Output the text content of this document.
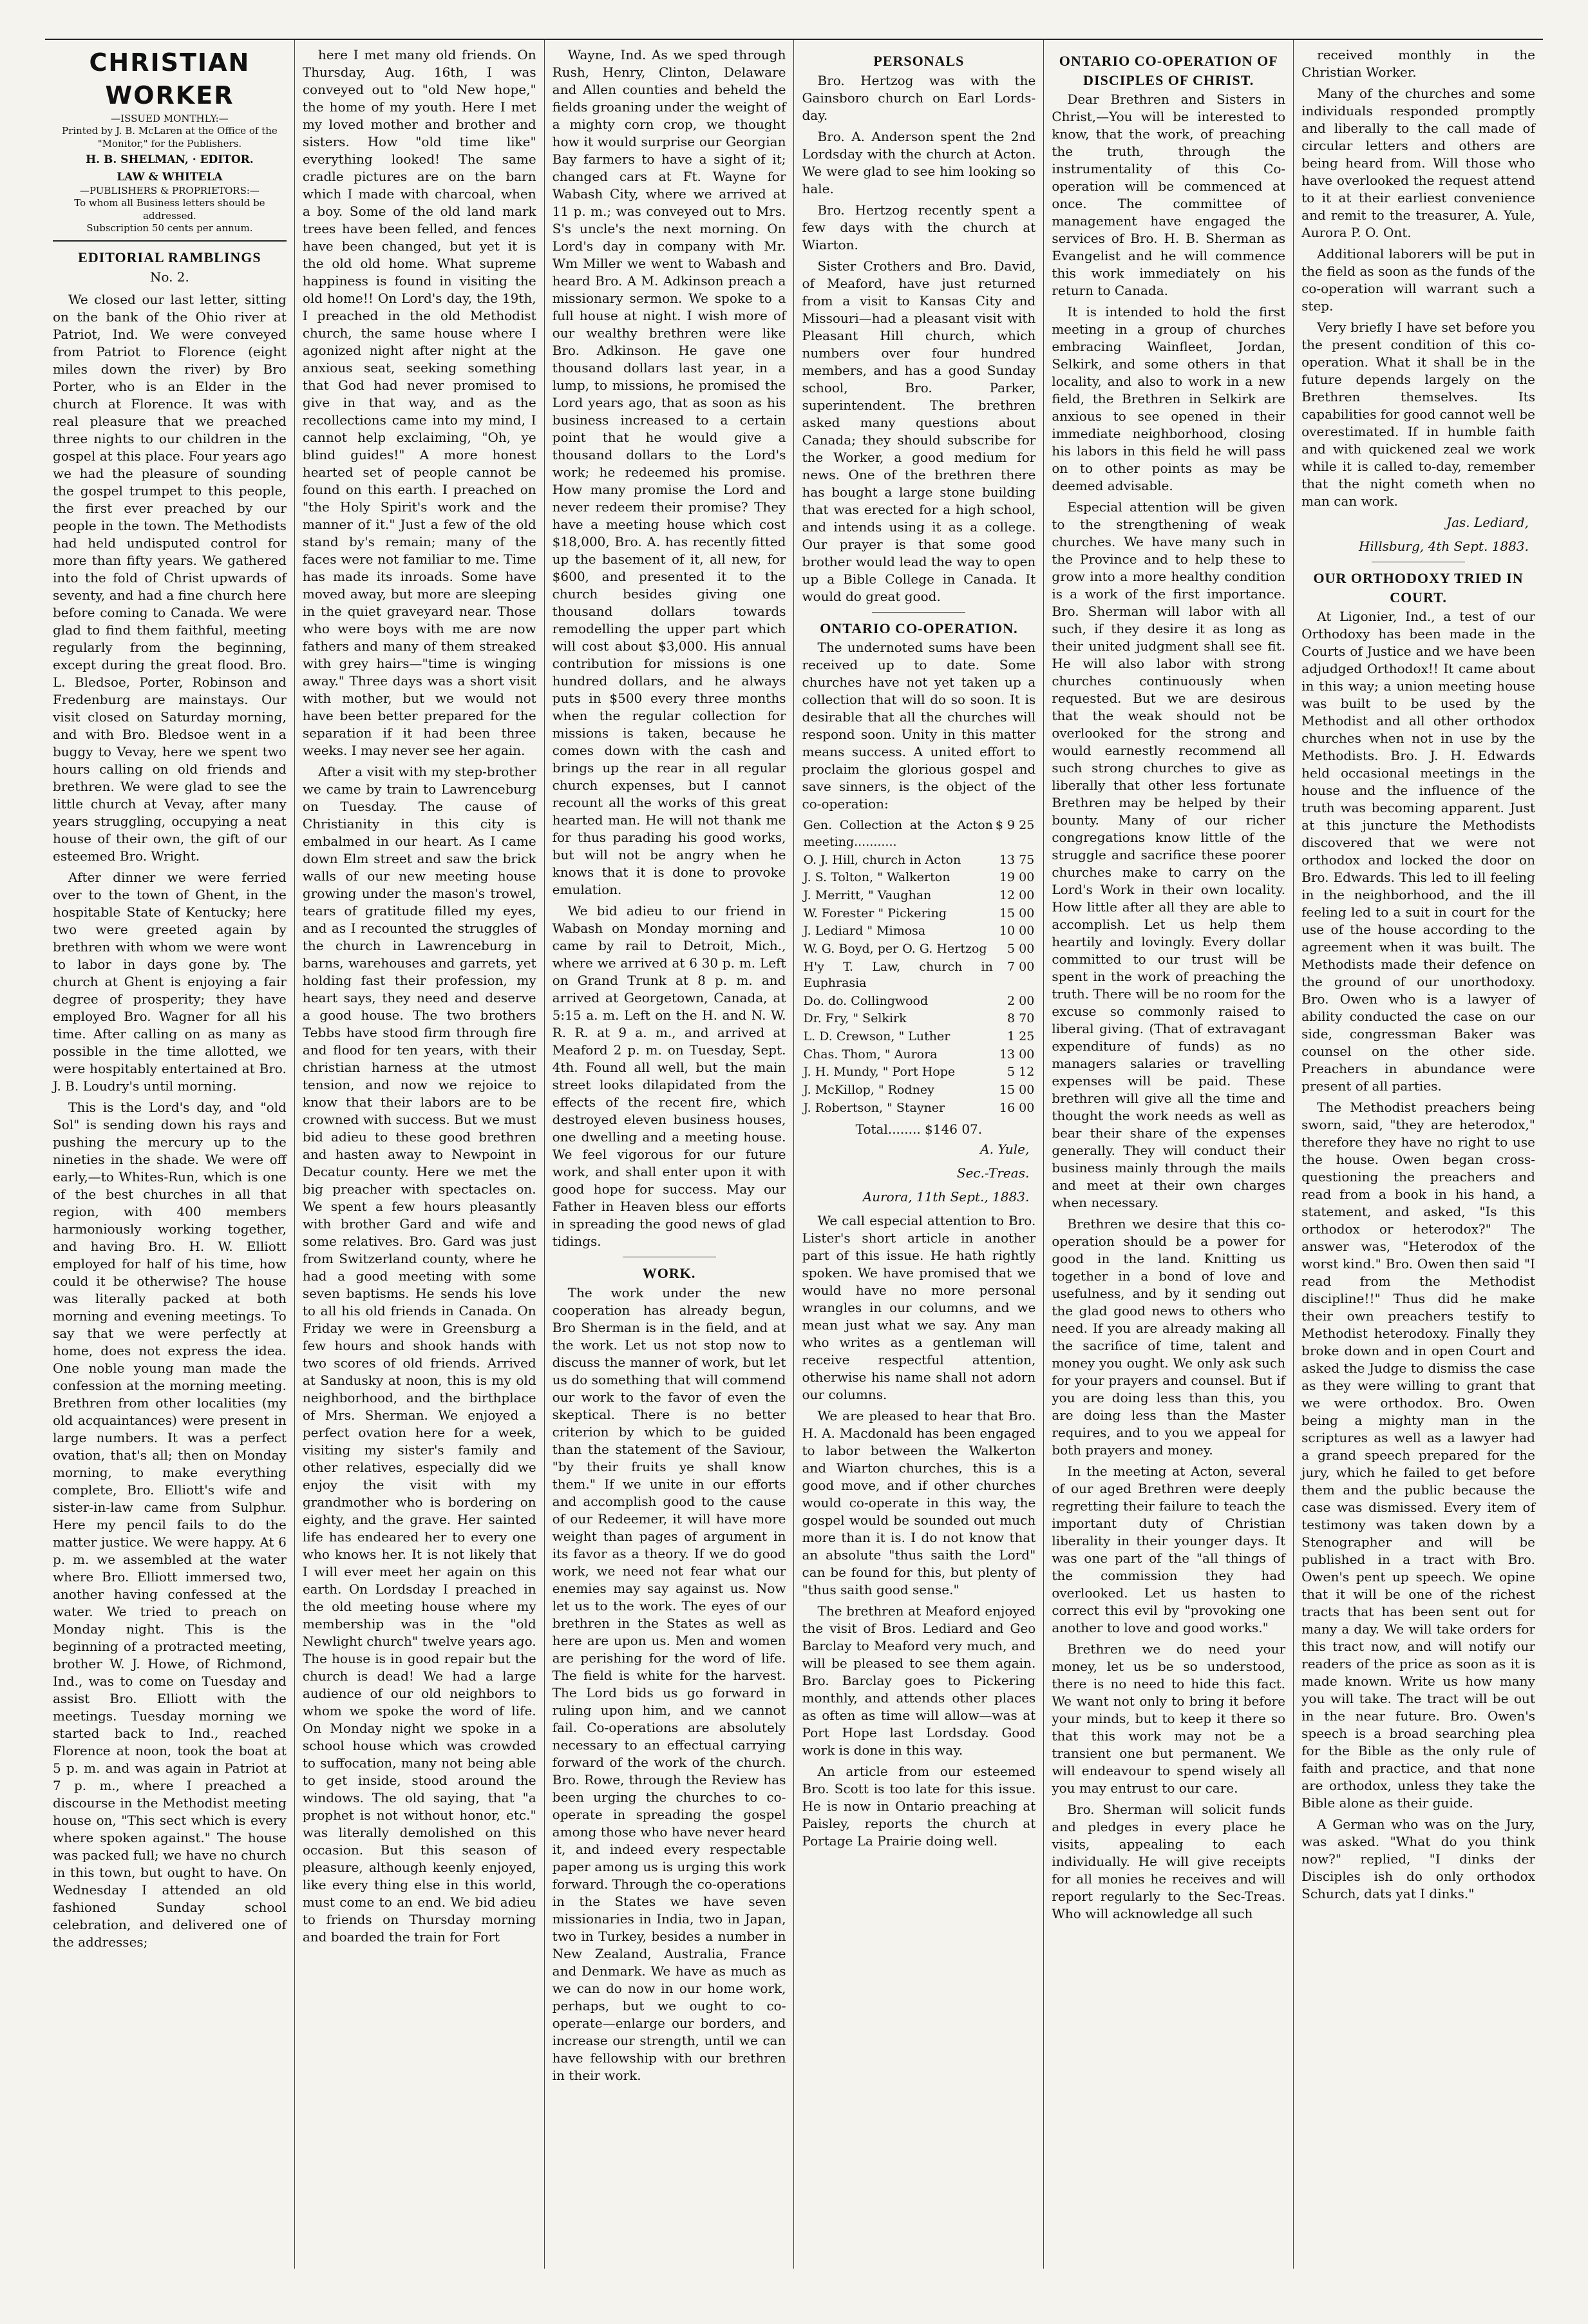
CHRISTIAN WORKER
—ISSUED MONTHLY:—
Printed by J. B. McLaren at the Office of the "Monitor," for the Publishers.
H. B. SHELMAN, · EDITOR.
LAW & WHITELA
—PUBLISHERS & PROPRIETORS:—
To whom all Business letters should be addressed.
Subscription 50 cents per annum.
EDITORIAL RAMBLINGS
No. 2.

We closed our last letter, sitting on the bank of the Ohio river at Patriot, Ind. We were conveyed from Patriot to Florence (eight miles down the river) by Bro Porter, who is an Elder in the church at Florence. It was with real pleasure that we preached three nights to our children in the gospel at this place. Four years ago we had the pleasure of sounding the gospel trumpet to this people, the first ever preached by our people in the town. The Methodists had held undisputed control for more than fifty years. We gathered into the fold of Christ upwards of seventy, and had a fine church here before coming to Canada. We were glad to find them faithful, meeting regularly from the beginning, except during the great flood. Bro. L. Bledsoe, Porter, Robinson and Fredenburg are mainstays. Our visit closed on Saturday morning, and with Bro. Bledsoe went in a buggy to Vevay, here we spent two hours calling on old friends and brethren. We were glad to see the little church at Vevay, after many years struggling, occupying a neat house of their own, the gift of our esteemed Bro. Wright.

After dinner we were ferried over to the town of Ghent, in the hospitable State of Kentucky; here two were greeted again by brethren with whom we were wont to labor in days gone by. The church at Ghent is enjoying a fair degree of prosperity; they have employed Bro. Wagner for all his time. After calling on as many as possible in the time allotted, we were hospitably entertained at Bro. J. B. Loudry's until morning.

This is the Lord's day, and "old Sol" is sending down his rays and pushing the mercury up to the nineties in the shade. We were off early,—to Whites-Run, which is one of the best churches in all that region, with 400 members harmoniously working together, and having Bro. H. W. Elliott employed for half of his time, how could it be otherwise? The house was literally packed at both morning and evening meetings. To say that we were perfectly at home, does not express the idea. One noble young man made the confession at the morning meeting. Brethren from other localities (my old acquaintances) were present in large numbers. It was a perfect ovation, that's all; then on Monday morning, to make everything complete, Bro. Elliott's wife and sister-in-law came from Sulphur. Here my pencil fails to do the matter justice. We were happy. At 6 p. m. we assembled at the water where Bro. Elliott immersed two, another having confessed at the water. We tried to preach on Monday night. This is the beginning of a protracted meeting, brother W. J. Howe, of Richmond, Ind., was to come on Tuesday and assist Bro. Elliott with the meetings. Tuesday morning we started back to Ind., reached Florence at noon, took the boat at 5 p. m. and was again in Patriot at 7 p. m., where I preached a discourse in the Methodist meeting house on, "This sect which is every where spoken against." The house was packed full; we have no church in this town, but ought to have. On Wednesday I attended an old fashioned Sunday school celebration, and delivered one of the addresses;

here I met many old friends. On Thursday, Aug. 16th, I was conveyed out to "old New hope," the home of my youth. Here I met my loved mother and brother and sisters. How "old time like" everything looked! The same cradle pictures are on the barn which I made with charcoal, when a boy. Some of the old land mark trees have been felled, and fences have been changed, but yet it is the old old home. What supreme happiness is found in visiting the old home!! On Lord's day, the 19th, I preached in the old Methodist church, the same house where I agonized night after night at the anxious seat, seeking something that God had never promised to give in that way, and as the recollections came into my mind, I cannot help exclaiming, "Oh, ye blind guides!" A more honest hearted set of people cannot be found on this earth. I preached on "the Holy Spirit's work and the manner of it." Just a few of the old stand by's remain; many of the faces were not familiar to me. Time has made its inroads. Some have moved away, but more are sleeping in the quiet graveyard near. Those who were boys with me are now fathers and many of them streaked with grey hairs—"time is winging away." Three days was a short visit with mother, but we would not have been better prepared for the separation if it had been three weeks. I may never see her again.

After a visit with my step-brother we came by train to Lawrenceburg on Tuesday. The cause of Christianity in this city is embalmed in our heart. As I came down Elm street and saw the brick walls of our new meeting house growing under the mason's trowel, tears of gratitude filled my eyes, and as I recounted the struggles of the church in Lawrenceburg in barns, warehouses and garrets, yet holding fast their profession, my heart says, they need and deserve a good house. The two brothers Tebbs have stood firm through fire and flood for ten years, with their christian harness at the utmost tension, and now we rejoice to know that their labors are to be crowned with success. But we must bid adieu to these good brethren and hasten away to Newpoint in Decatur county. Here we met the big preacher with spectacles on. We spent a few hours pleasantly with brother Gard and wife and some relatives. Bro. Gard was just from Switzerland county, where he had a good meeting with some seven baptisms. He sends his love to all his old friends in Canada. On Friday we were in Greensburg a few hours and shook hands with two scores of old friends. Arrived at Sandusky at noon, this is my old neighborhood, and the birthplace of Mrs. Sherman. We enjoyed a perfect ovation here for a week, visiting my sister's family and other relatives, especially did we enjoy the visit with my grandmother who is bordering on eighty, and the grave. Her sainted life has endeared her to every one who knows her. It is not likely that I will ever meet her again on this earth. On Lordsday I preached in the old meeting house where my membership was in the "old Newlight church" twelve years ago. The house is in good repair but the church is dead! We had a large audience of our old neighbors to whom we spoke the word of life. On Monday night we spoke in a school house which was crowded to suffocation, many not being able to get inside, stood around the windows. The old saying, that "a prophet is not without honor, etc." was literally demolished on this occasion. But this season of pleasure, although keenly enjoyed, like every thing else in this world, must come to an end. We bid adieu to friends on Thursday morning and boarded the train for Fort

Wayne, Ind. As we sped through Rush, Henry, Clinton, Delaware and Allen counties and beheld the fields groaning under the weight of a mighty corn crop, we thought how it would surprise our Georgian Bay farmers to have a sight of it; changed cars at Ft. Wayne for Wabash City, where we arrived at 11 p. m.; was conveyed out to Mrs. S's uncle's the next morning. On Lord's day in company with Mr. Wm Miller we went to Wabash and heard Bro. A M. Adkinson preach a missionary sermon. We spoke to a full house at night. I wish more of our wealthy brethren were like Bro. Adkinson. He gave one thousand dollars last year, in a lump, to missions, he promised the Lord years ago, that as soon as his business increased to a certain point that he would give a thousand dollars to the Lord's work; he redeemed his promise. How many promise the Lord and never redeem their promise? They have a meeting house which cost $18,000, Bro. A. has recently fitted up the basement of it, all new, for $600, and presented it to the church besides giving one thousand dollars towards remodelling the upper part which will cost about $3,000. His annual contribution for missions is one hundred dollars, and he always puts in $500 every three months when the regular collection for missions is taken, because he comes down with the cash and brings up the rear in all regular church expenses, but I cannot recount all the works of this great hearted man. He will not thank me for thus parading his good works, but will not be angry when he knows that it is done to provoke emulation.

We bid adieu to our friend in Wabash on Monday morning and came by rail to Detroit, Mich., where we arrived at 6 30 p. m. Left on Grand Trunk at 8 p. m. and arrived at Georgetown, Canada, at 5:15 a. m. Left on the H. and N. W. R. R. at 9 a. m., and arrived at Meaford 2 p. m. on Tuesday, Sept. 4th. Found all well, but the main street looks dilapidated from the effects of the recent fire, which destroyed eleven business houses, one dwelling and a meeting house. We feel vigorous for our future work, and shall enter upon it with good hope for success. May our Father in Heaven bless our efforts in spreading the good news of glad tidings.

WORK.

The work under the new cooperation has already begun, Bro Sherman is in the field, and at the work. Let us not stop now to discuss the manner of work, but let us do something that will commend our work to the favor of even the skeptical. There is no better criterion by which to be guided than the statement of the Saviour, "by their fruits ye shall know them." If we unite in our efforts and accomplish good to the cause of our Redeemer, it will have more weight than pages of argument in its favor as a theory. If we do good work, we need not fear what our enemies may say against us. Now let us to the work. The eyes of our brethren in the States as well as here are upon us. Men and women are perishing for the word of life. The field is white for the harvest. The Lord bids us go forward in ruling upon him, and we cannot fail. Co-operations are absolutely necessary to an effectual carrying forward of the work of the church. Bro. Rowe, through the Review has been urging the churches to co-operate in spreading the gospel among those who have never heard it, and indeed every respectable paper among us is urging this work forward. Through the co-operations in the States we have seven missionaries in India, two in Japan, two in Turkey, besides a number in New Zealand, Australia, France and Denmark. We have as much as we can do now in our home work, perhaps, but we ought to co-operate—enlarge our borders, and increase our strength, until we can have fellowship with our brethren in their work.

PERSONALS

Bro. Hertzog was with the Gainsboro church on Earl Lords-day.

Bro. A. Anderson spent the 2nd Lordsday with the church at Acton. We were glad to see him looking so hale.

Bro. Hertzog recently spent a few days with the church at Wiarton.

Sister Crothers and Bro. David, of Meaford, have just returned from a visit to Kansas City and Missouri—had a pleasant visit with Pleasant Hill church, which numbers over four hundred members, and has a good Sunday school, Bro. Parker, superintendent. The brethren asked many questions about Canada; they should subscribe for the Worker, a good medium for news. One of the brethren there has bought a large stone building that was erected for a high school, and intends using it as a college. Our prayer is that some good brother would lead the way to open up a Bible College in Canada. It would do great good.

ONTARIO CO-OPERATION.

The undernoted sums have been received up to date. Some churches have not yet taken up a collection that will do so soon. It is desirable that all the churches will respond soon. Unity in this matter means success. A united effort to proclaim the glorious gospel and save sinners, is the object of the co-operation:

Gen. Collection at the Acton meeting...........	$ 9 25
O. J. Hill, church in Acton	13 75
J. S. Tolton, " Walkerton	19 00
J. Merritt, " Vaughan	12 00
W. Forester " Pickering	15 00
J. Lediard " Mimosa	10 00
W. G. Boyd, per O. G. Hertzog	5 00
H'y T. Law, church in Euphrasia	7 00
Do. do. Collingwood	2 00
Dr. Fry, " Selkirk	8 70
L. D. Crewson, " Luther	1 25
Chas. Thom, " Aurora	13 00
J. H. Mundy, " Port Hope	5 12
J. McKillop, " Rodney	15 00
J. Robertson, " Stayner	16 00
Total........ $146 07.
A. Yule,
Sec.-Treas.
Aurora, 11th Sept., 1883.

We call especial attention to Bro. Lister's short article in another part of this issue. He hath rightly spoken. We have promised that we would have no more personal wrangles in our columns, and we mean just what we say. Any man who writes as a gentleman will receive respectful attention, otherwise his name shall not adorn our columns.

We are pleased to hear that Bro. H. A. Macdonald has been engaged to labor between the Walkerton and Wiarton churches, this is a good move, and if other churches would co-operate in this way, the gospel would be sounded out much more than it is. I do not know that an absolute "thus saith the Lord" can be found for this, but plenty of "thus saith good sense."

The brethren at Meaford enjoyed the visit of Bros. Lediard and Geo Barclay to Meaford very much, and will be pleased to see them again. Bro. Barclay goes to Pickering monthly, and attends other places as often as time will allow—was at Port Hope last Lordsday. Good work is done in this way.

An article from our esteemed Bro. Scott is too late for this issue. He is now in Ontario preaching at Paisley, reports the church at Portage La Prairie doing well.

ONTARIO CO-OPERATION OF DISCIPLES OF CHRIST.

Dear Brethren and Sisters in Christ,—You will be interested to know, that the work, of preaching the truth, through the instrumentality of this Co-operation will be commenced at once. The committee of management have engaged the services of Bro. H. B. Sherman as Evangelist and he will commence this work immediately on his return to Canada.

It is intended to hold the first meeting in a group of churches embracing Wainfleet, Jordan, Selkirk, and some others in that locality, and also to work in a new field, the Brethren in Selkirk are anxious to see opened in their immediate neighborhood, closing his labors in this field he will pass on to other points as may be deemed advisable.

Especial attention will be given to the strengthening of weak churches. We have many such in the Province and to help these to grow into a more healthy condition is a work of the first importance. Bro. Sherman will labor with all such, if they desire it as long as their united judgment shall see fit. He will also labor with strong churches continuously when requested. But we are desirous that the weak should not be overlooked for the strong and would earnestly recommend all such strong churches to give as liberally that other less fortunate Brethren may be helped by their bounty. Many of our richer congregations know little of the struggle and sacrifice these poorer churches make to carry on the Lord's Work in their own locality. How little after all they are able to accomplish. Let us help them heartily and lovingly. Every dollar committed to our trust will be spent in the work of preaching the truth. There will be no room for the excuse so commonly raised to liberal giving. (That of extravagant expenditure of funds) as no managers salaries or travelling expenses will be paid. These brethren will give all the time and thought the work needs as well as bear their share of the expenses generally. They will conduct their business mainly through the mails and meet at their own charges when necessary.

Brethren we desire that this co-operation should be a power for good in the land. Knitting us together in a bond of love and usefulness, and by it sending out the glad good news to others who need. If you are already making all the sacrifice of time, talent and money you ought. We only ask such for your prayers and counsel. But if you are doing less than this, you are doing less than the Master requires, and to you we appeal for both prayers and money.

In the meeting at Acton, several of our aged Brethren were deeply regretting their failure to teach the important duty of Christian liberality in their younger days. It was one part of the "all things of the commission they had overlooked. Let us hasten to correct this evil by "provoking one another to love and good works."

Brethren we do need your money, let us be so understood, there is no need to hide this fact. We want not only to bring it before your minds, but to keep it there so that this work may not be a transient one but permanent. We will endeavour to spend wisely all you may entrust to our care.

Bro. Sherman will solicit funds and pledges in every place he visits, appealing to each individually. He will give receipts for all monies he receives and will report regularly to the Sec-Treas. Who will acknowledge all such

received monthly in the Christian Worker.

Many of the churches and some individuals responded promptly and liberally to the call made of circular letters and others are being heard from. Will those who have overlooked the request attend to it at their earliest convenience and remit to the treasurer, A. Yule, Aurora P. O. Ont.

Additional laborers will be put in the field as soon as the funds of the co-operation will warrant such a step.

Very briefly I have set before you the present condition of this co-operation. What it shall be in the future depends largely on the Brethren themselves. Its capabilities for good cannot well be overestimated. If in humble faith and with quickened zeal we work while it is called to-day, remember that the night cometh when no man can work.

Jas. Lediard,
Hillsburg, 4th Sept. 1883.
OUR ORTHODOXY TRIED IN COURT.

At Ligonier, Ind., a test of our Orthodoxy has been made in the Courts of Justice and we have been adjudged Orthodox!! It came about in this way; a union meeting house was built to be used by the Methodist and all other orthodox churches when not in use by the Methodists. Bro. J. H. Edwards held occasional meetings in the house and the influence of the truth was becoming apparent. Just at this juncture the Methodists discovered that we were not orthodox and locked the door on Bro. Edwards. This led to ill feeling in the neighborhood, and the ill feeling led to a suit in court for the use of the house according to the agreement when it was built. The Methodists made their defence on the ground of our unorthodoxy. Bro. Owen who is a lawyer of ability conducted the case on our side, congressman Baker was counsel on the other side. Preachers in abundance were present of all parties.

The Methodist preachers being sworn, said, "they are heterodox," therefore they have no right to use the house. Owen began cross-questioning the preachers and read from a book in his hand, a statement, and asked, "Is this orthodox or heterodox?" The answer was, "Heterodox of the worst kind." Bro. Owen then said "I read from the Methodist discipline!!" Thus did he make their own preachers testify to Methodist heterodoxy. Finally they broke down and in open Court and asked the Judge to dismiss the case as they were willing to grant that we were orthodox. Bro. Owen being a mighty man in the scriptures as well as a lawyer had a grand speech prepared for the jury, which he failed to get before them and the public because the case was dismissed. Every item of testimony was taken down by a Stenographer and will be published in a tract with Bro. Owen's pent up speech. We opine that it will be one of the richest tracts that has been sent out for many a day. We will take orders for this tract now, and will notify our readers of the price as soon as it is made known. Write us how many you will take. The tract will be out in the near future. Bro. Owen's speech is a broad searching plea for the Bible as the only rule of faith and practice, and that none are orthodox, unless they take the Bible alone as their guide.

A German who was on the Jury, was asked. "What do you think now?" replied, "I dinks der Disciples ish do only orthodox Schurch, dats yat I dinks."
